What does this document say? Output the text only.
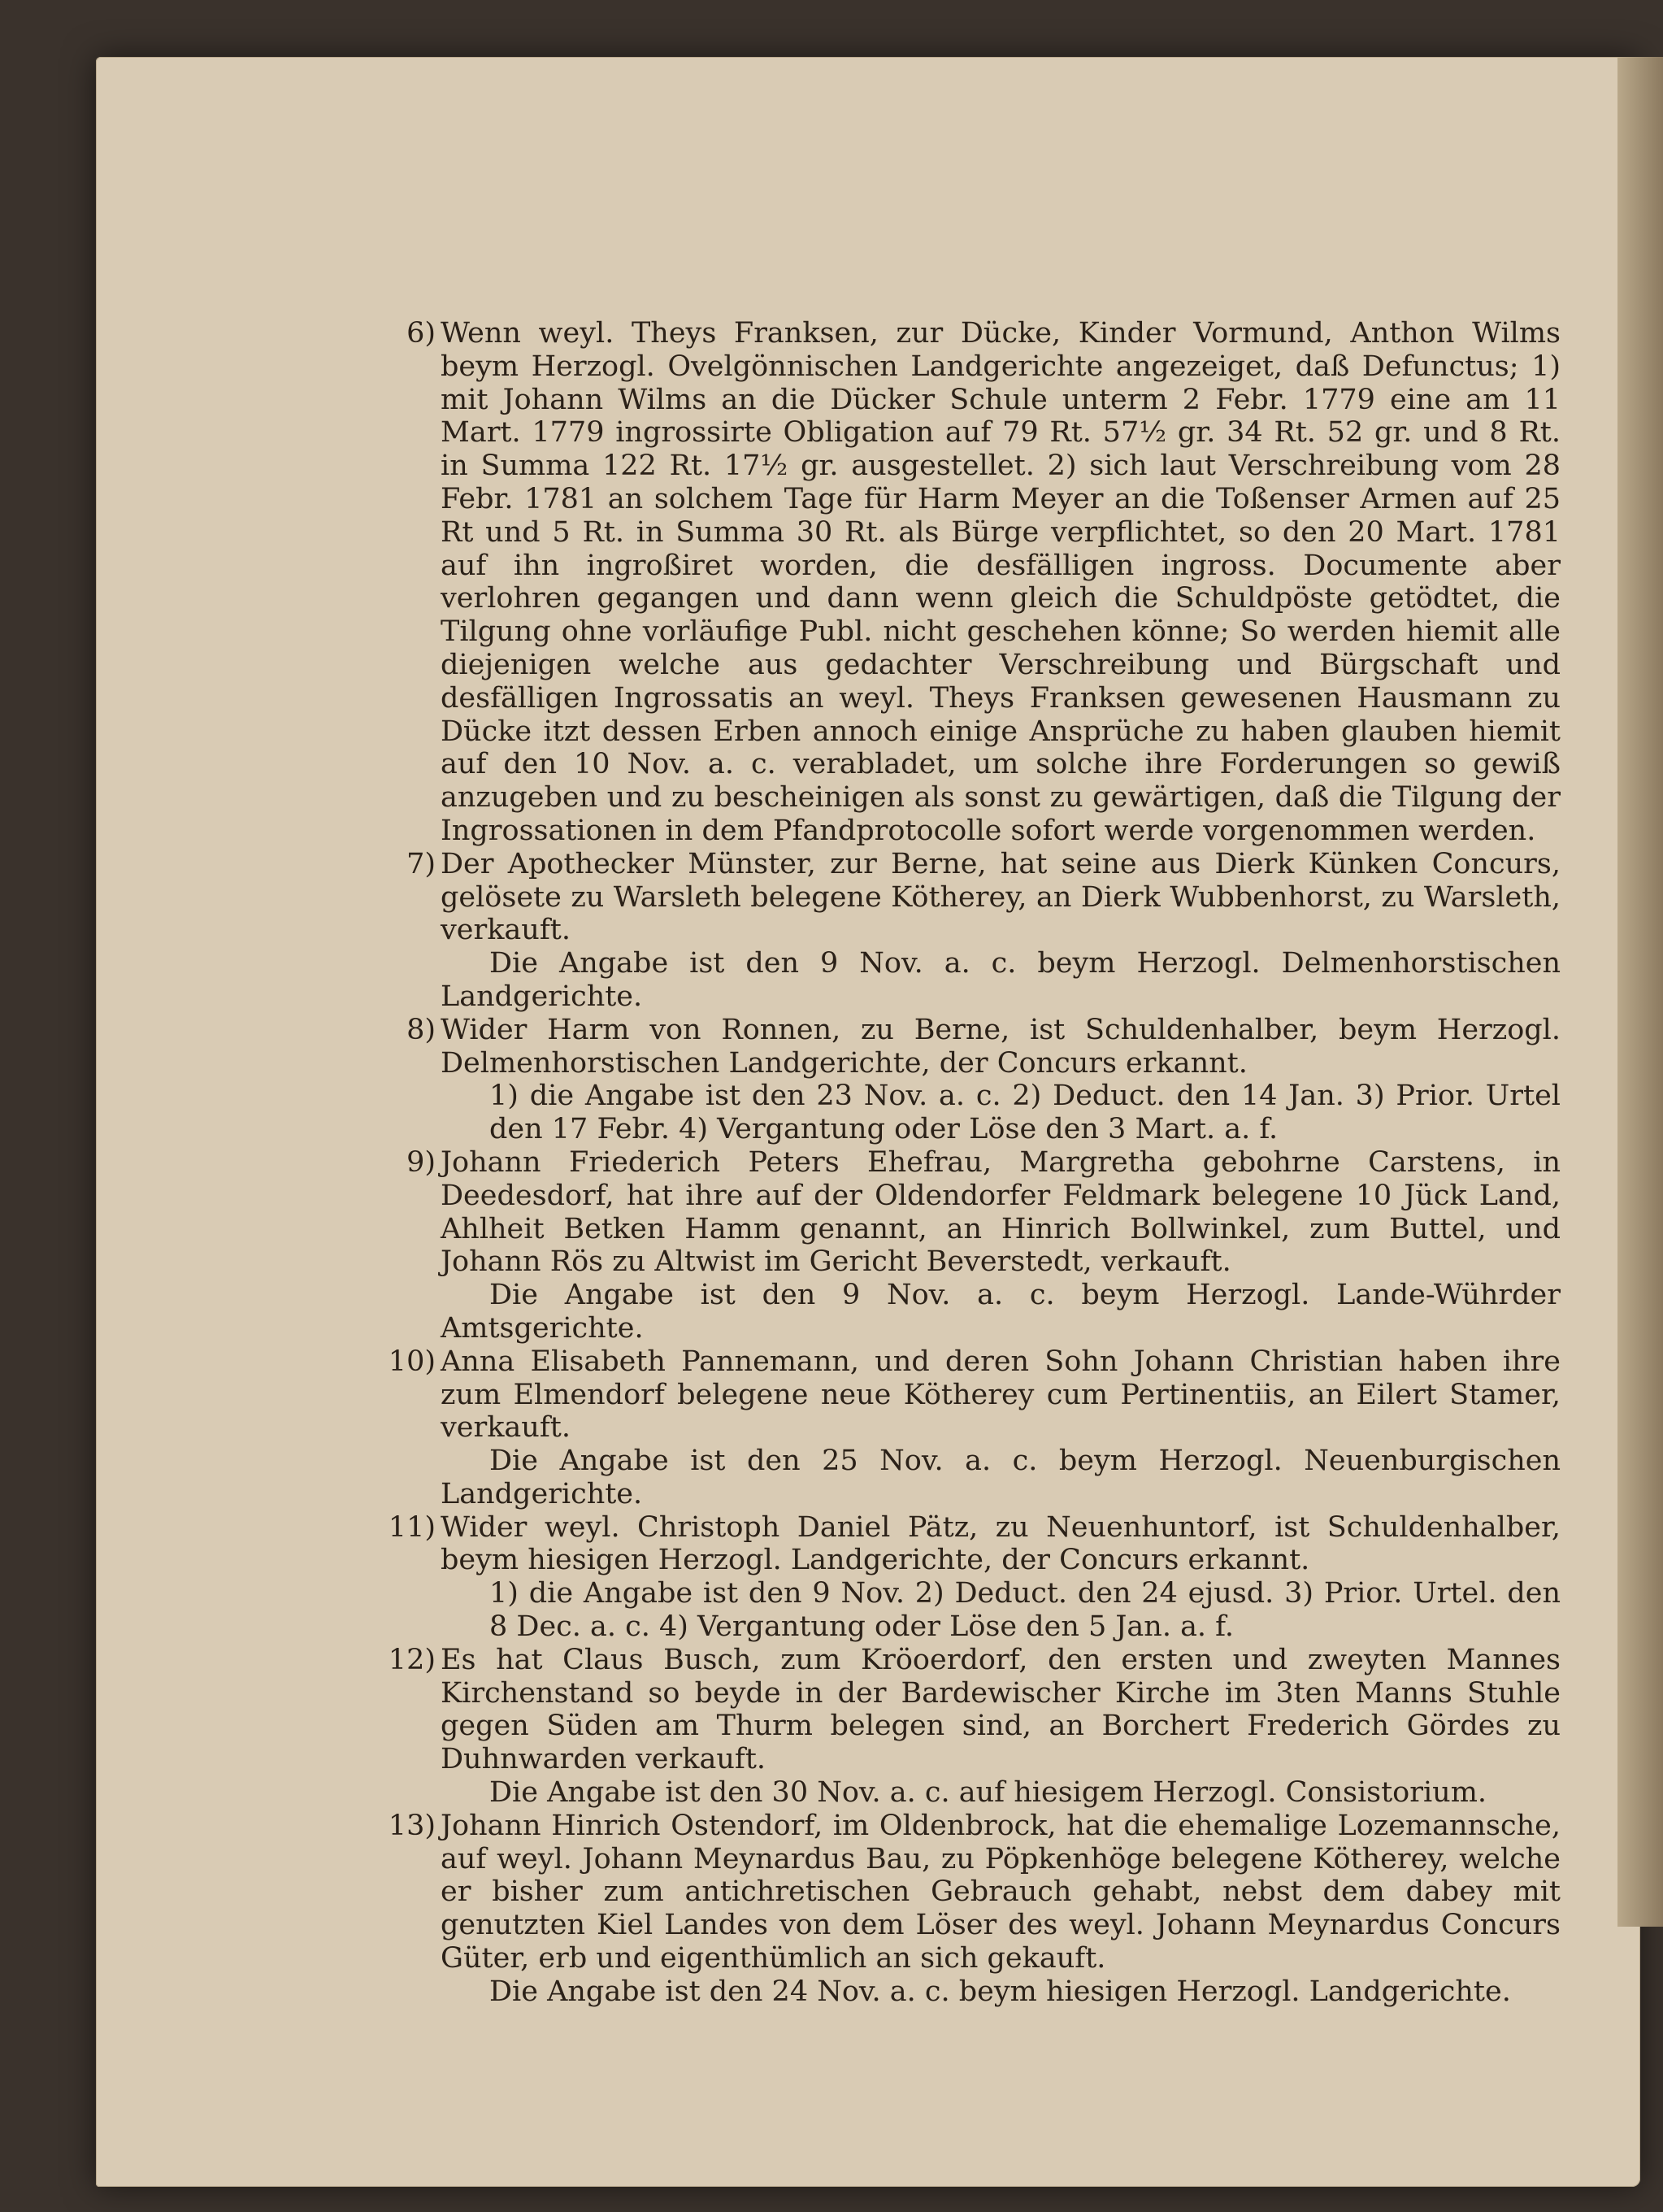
6) Wenn weyl. Theys Franksen, zur Dücke, Kinder Vormund, Anthon Wilms beym Herzogl. Ovelgönnischen Landgerichte angezeiget, daß Defunctus; 1) mit Johann Wilms an die Dücker Schule unterm 2 Febr. 1779 eine am 11 Mart. 1779 ingrossirte Obligation auf 79 Rt. 57½ gr. 34 Rt. 52 gr. und 8 Rt. in Summa 122 Rt. 17½ gr. ausgestellet. 2) sich laut Verschreibung vom 28 Febr. 1781 an solchem Tage für Harm Meyer an die Toßenser Armen auf 25 Rt und 5 Rt. in Summa 30 Rt. als Bürge verpflichtet, so den 20 Mart. 1781 auf ihn ingroßiret worden, die desfälligen ingross. Documente aber verlohren gegangen und dann wenn gleich die Schuldpöste getödtet, die Tilgung ohne vorläufige Publ. nicht geschehen könne; So werden hiemit alle diejenigen welche aus gedachter Verschreibung und Bürgschaft und desfälligen Ingrossatis an weyl. Theys Franksen gewesenen Hausmann zu Dücke itzt dessen Erben annoch einige Ansprüche zu haben glauben hiemit auf den 10 Nov. a. c. verabladet, um solche ihre Forderungen so gewiß anzugeben und zu bescheinigen als sonst zu gewärtigen, daß die Tilgung der Ingrossationen in dem Pfandprotocolle sofort werde vorgenommen werden.

7) Der Apothecker Münster, zur Berne, hat seine aus Dierk Künken Concurs, gelösete zu Warsleth belegene Kötherey, an Dierk Wubbenhorst, zu Warsleth, verkauft.

Die Angabe ist den 9 Nov. a. c. beym Herzogl. Delmenhorstischen Landgerichte.

8) Wider Harm von Ronnen, zu Berne, ist Schuldenhalber, beym Herzogl. Delmenhorstischen Landgerichte, der Concurs erkannt.

1) die Angabe ist den 23 Nov. a. c. 2) Deduct. den 14 Jan. 3) Prior. Urtel den 17 Febr. 4) Vergantung oder Löse den 3 Mart. a. f.

9) Johann Friederich Peters Ehefrau, Margretha gebohrne Carstens, in Deedesdorf, hat ihre auf der Oldendorfer Feldmark belegene 10 Jück Land, Ahlheit Betken Hamm genannt, an Hinrich Bollwinkel, zum Buttel, und Johann Rös zu Altwist im Gericht Beverstedt, verkauft.

Die Angabe ist den 9 Nov. a. c. beym Herzogl. Lande-Wührder Amtsgerichte.

10) Anna Elisabeth Pannemann, und deren Sohn Johann Christian haben ihre zum Elmendorf belegene neue Kötherey cum Pertinentiis, an Eilert Stamer, verkauft.

Die Angabe ist den 25 Nov. a. c. beym Herzogl. Neuenburgischen Landgerichte.

11) Wider weyl. Christoph Daniel Pätz, zu Neuenhuntorf, ist Schuldenhalber, beym hiesigen Herzogl. Landgerichte, der Concurs erkannt.

1) die Angabe ist den 9 Nov. 2) Deduct. den 24 ejusd. 3) Prior. Urtel. den 8 Dec. a. c. 4) Vergantung oder Löse den 5 Jan. a. f.

12) Es hat Claus Busch, zum Kröoerdorf, den ersten und zweyten Mannes Kirchenstand so beyde in der Bardewischer Kirche im 3ten Manns Stuhle gegen Süden am Thurm belegen sind, an Borchert Frederich Gördes zu Duhnwarden verkauft.

Die Angabe ist den 30 Nov. a. c. auf hiesigem Herzogl. Consistorium.

13) Johann Hinrich Ostendorf, im Oldenbrock, hat die ehemalige Lozemannsche, auf weyl. Johann Meynardus Bau, zu Pöpkenhöge belegene Kötherey, welche er bisher zum antichretischen Gebrauch gehabt, nebst dem dabey mit genutzten Kiel Landes von dem Löser des weyl. Johann Meynardus Concurs Güter, erb und eigenthümlich an sich gekauft.

Die Angabe ist den 24 Nov. a. c. beym hiesigen Herzogl. Landgerichte.
